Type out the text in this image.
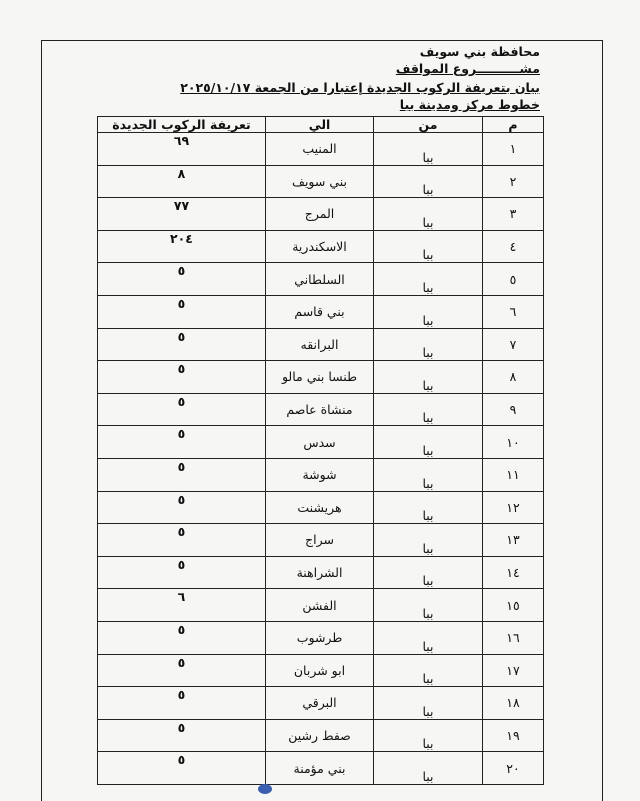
محافظة بني سويف
مشــــــــــروع المواقف
بيان بتعريفة الركوب الجديدة إعتبارا من الجمعة ٢٠٢٥/١٠/١٧
خطوط مركز ومدينة ببا
م	من	الي	تعريفة الركوب الجديدة
١	ببا	المنيب	٦٩
٢	ببا	بني سويف	٨
٣	ببا	المرج	٧٧
٤	ببا	الاسكندرية	٢٠٤
٥	ببا	السلطاني	٥
٦	ببا	بني قاسم	٥
٧	ببا	البرانقه	٥
٨	ببا	طنسا بني مالو	٥
٩	ببا	منشاة عاصم	٥
١٠	ببا	سدس	٥
١١	ببا	شوشة	٥
١٢	ببا	هريشنت	٥
١٣	ببا	سراج	٥
١٤	ببا	الشراهنة	٥
١٥	ببا	الفشن	٦
١٦	ببا	طرشوب	٥
١٧	ببا	ابو شربان	٥
١٨	ببا	البرقي	٥
١٩	ببا	صفط رشين	٥
٢٠	ببا	بني مؤمنة	٥
